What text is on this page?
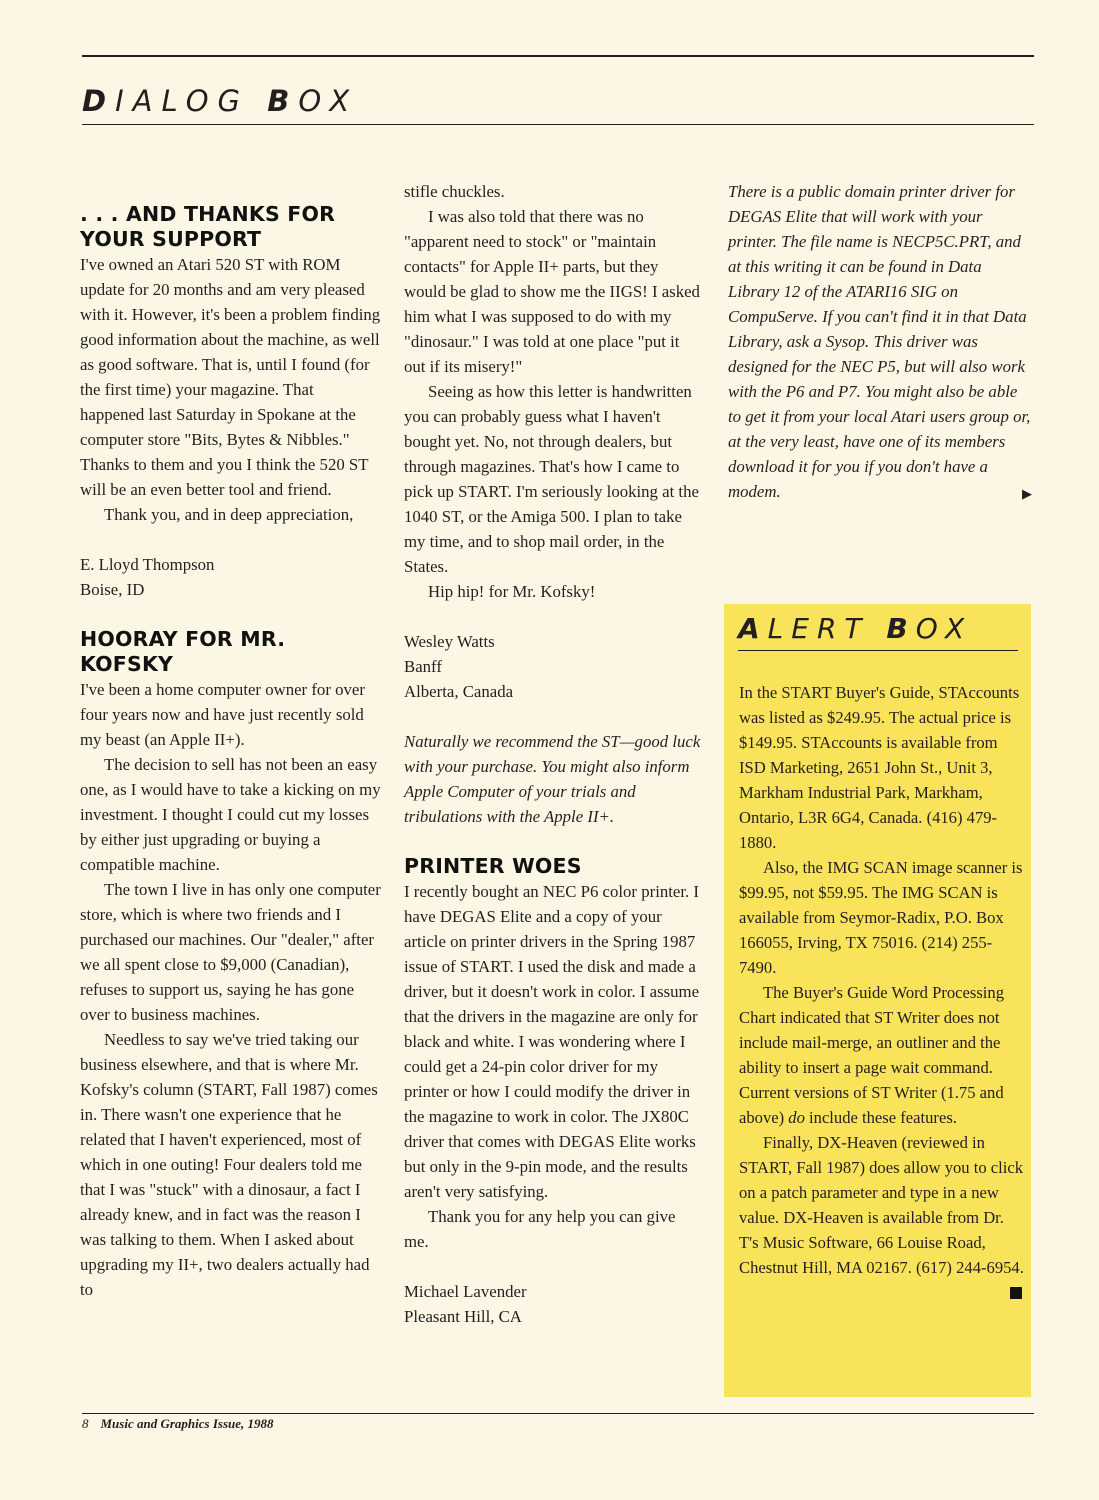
DIALOG BOX
. . . AND THANKS FOR YOUR SUPPORT

I've owned an Atari 520 ST with ROM update for 20 months and am very pleased with it. However, it's been a problem finding good information about the machine, as well as good software. That is, until I found (for the first time) your magazine. That happened last Saturday in Spokane at the computer store "Bits, Bytes & Nibbles." Thanks to them and you I think the 520 ST will be an even better tool and friend.

Thank you, and in deep appreciation,

E. Lloyd Thompson

Boise, ID

HOORAY FOR MR. KOFSKY

I've been a home computer owner for over four years now and have just recently sold my beast (an Apple II+).

The decision to sell has not been an easy one, as I would have to take a kicking on my investment. I thought I could cut my losses by either just upgrading or buying a compatible machine.

The town I live in has only one computer store, which is where two friends and I purchased our machines. Our "dealer," after we all spent close to $9,000 (Canadian), refuses to support us, saying he has gone over to business machines.

Needless to say we've tried taking our business elsewhere, and that is where Mr. Kofsky's column (START, Fall 1987) comes in. There wasn't one experience that he related that I haven't experienced, most of which in one outing! Four dealers told me that I was "stuck" with a dinosaur, a fact I already knew, and in fact was the reason I was talking to them. When I asked about upgrading my II+, two dealers actually had to

stifle chuckles.

I was also told that there was no "apparent need to stock" or "maintain contacts" for Apple II+ parts, but they would be glad to show me the IIGS! I asked him what I was supposed to do with my "dinosaur." I was told at one place "put it out if its misery!"

Seeing as how this letter is handwritten you can probably guess what I haven't bought yet. No, not through dealers, but through magazines. That's how I came to pick up START. I'm seriously looking at the 1040 ST, or the Amiga 500. I plan to take my time, and to shop mail order, in the States.

Hip hip! for Mr. Kofsky!

Wesley Watts

Banff

Alberta, Canada

Naturally we recommend the ST—good luck with your purchase. You might also inform Apple Computer of your trials and tribulations with the Apple II+.

PRINTER WOES

I recently bought an NEC P6 color printer. I have DEGAS Elite and a copy of your article on printer drivers in the Spring 1987 issue of START. I used the disk and made a driver, but it doesn't work in color. I assume that the drivers in the magazine are only for black and white. I was wondering where I could get a 24-pin color driver for my printer or how I could modify the driver in the magazine to work in color. The JX80C driver that comes with DEGAS Elite works but only in the 9-pin mode, and the results aren't very satisfying.

Thank you for any help you can give me.

Michael Lavender

Pleasant Hill, CA

There is a public domain printer driver for DEGAS Elite that will work with your printer. The file name is NECP5C.PRT, and at this writing it can be found in Data Library 12 of the ATARI16 SIG on CompuServe. If you can't find it in that Data Library, ask a Sysop. This driver was designed for the NEC P5, but will also work with the P6 and P7. You might also be able to get it from your local Atari users group or, at the very least, have one of its members download it for you if you don't have a modem.	▶

ALERT BOX

In the START Buyer's Guide, STAccounts was listed as $249.95. The actual price is $149.95. STAccounts is available from ISD Marketing, 2651 John St., Unit 3, Markham Industrial Park, Markham, Ontario, L3R 6G4, Canada. (416) 479-1880.

Also, the IMG SCAN image scanner is $99.95, not $59.95. The IMG SCAN is available from Seymor-Radix, P.O. Box 166055, Irving, TX 75016. (214) 255-7490.

The Buyer's Guide Word Processing Chart indicated that ST Writer does not include mail-merge, an outliner and the ability to insert a page wait command. Current versions of ST Writer (1.75 and above) do include these features.

Finally, DX-Heaven (reviewed in START, Fall 1987) does allow you to click on a patch parameter and type in a new value. DX-Heaven is available from Dr. T's Music Software, 66 Louise Road, Chestnut Hill, MA 02167. (617) 244-6954.

8 Music and Graphics Issue, 1988
